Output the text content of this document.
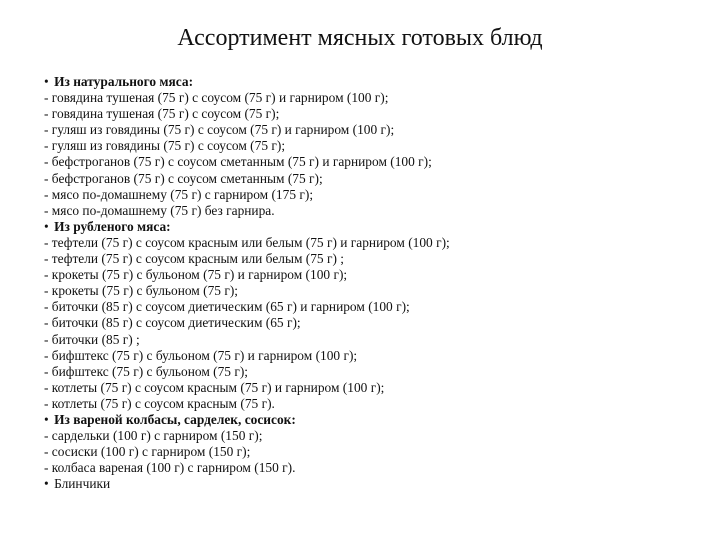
Ассортимент мясных готовых блюд
• Из натурального мяса:
- говядина тушеная (75 г) с соусом (75 г) и гарниром (100 г);
- говядина тушеная (75 г) с соусом (75 г);
- гуляш из говядины (75 г) с соусом (75 г) и гарниром (100 г);
- гуляш из говядины (75 г) с соусом (75 г);
- бефстроганов (75 г) с соусом сметанным (75 г) и гарниром (100 г);
- бефстроганов (75 г) с соусом сметанным (75 г);
- мясо по-домашнему (75 г) с гарниром (175 г);
- мясо по-домашнему (75 г) без гарнира.
• Из рубленого мяса:
- тефтели (75 г) с соусом красным или белым (75 г) и гарниром (100 г);
- тефтели (75 г) с соусом красным или белым (75 г) ;
- крокеты (75 г) с бульоном (75 г) и гарниром (100 г);
- крокеты (75 г) с бульоном (75 г);
- биточки (85 г) с соусом диетическим (65 г) и гарниром (100 г);
- биточки (85 г) с соусом диетическим (65 г);
- биточки (85 г) ;
- бифштекс (75 г) с бульоном (75 г) и гарниром (100 г);
- бифштекс (75 г) с бульоном (75 г);
- котлеты (75 г) с соусом красным (75 г) и гарниром (100 г);
- котлеты (75 г) с соусом красным (75 г).
• Из вареной колбасы, сарделек, сосисок:
- сардельки (100 г) с гарниром (150 г);
- сосиски (100 г) с гарниром (150 г);
- колбаса вареная (100 г) с гарниром (150 г).
• Блинчики
